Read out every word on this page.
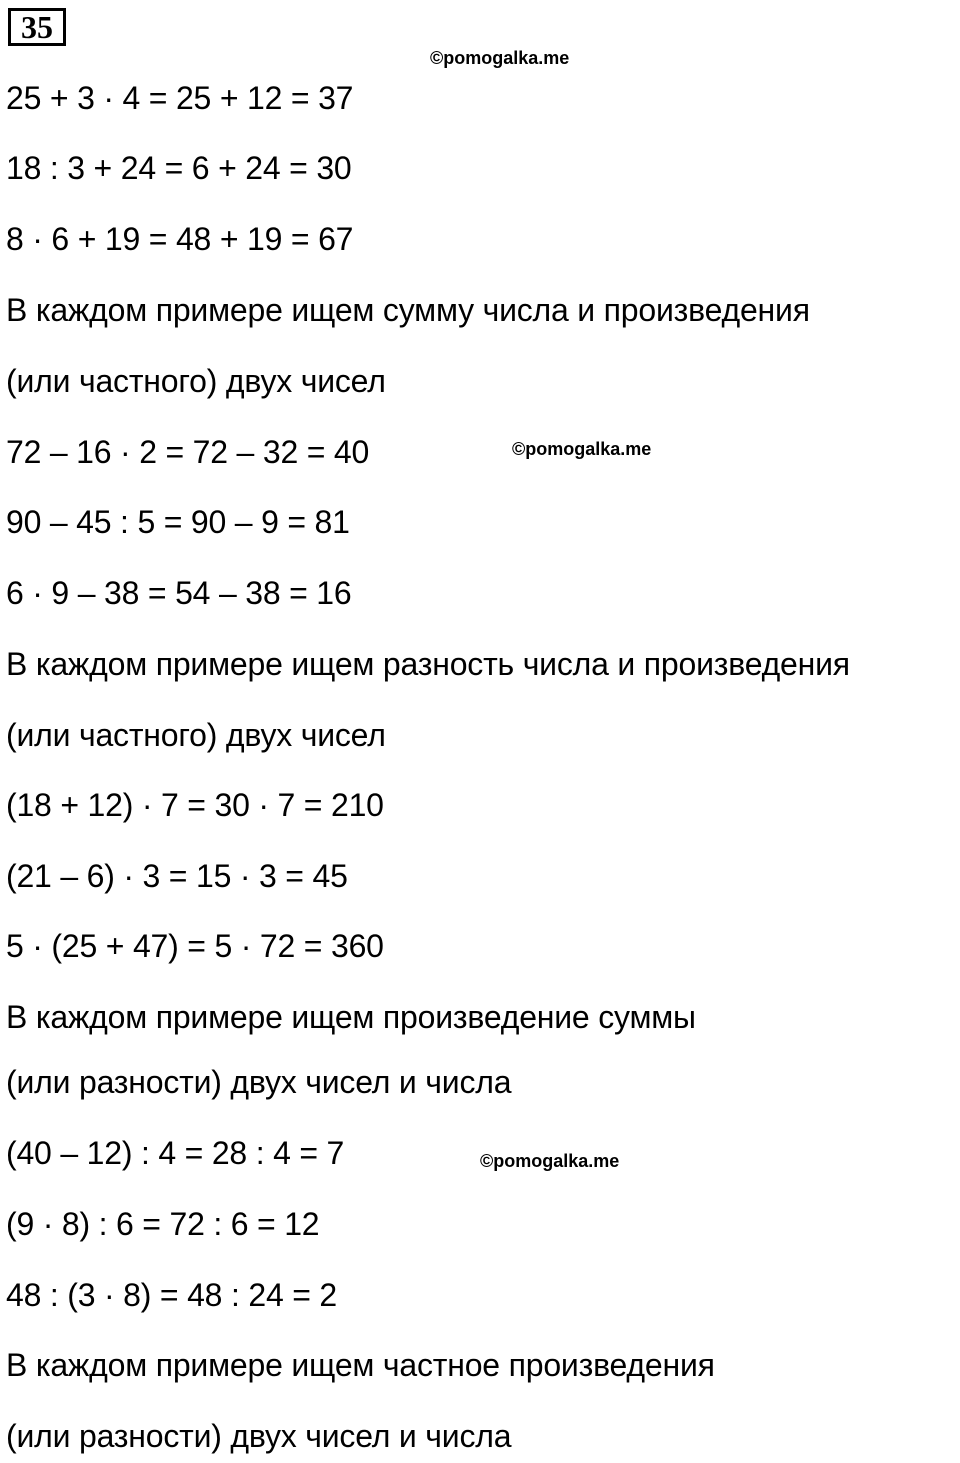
35
©pomogalka.me
©pomogalka.me
©pomogalka.me
25 + 3 · 4 = 25 + 12 = 37
18 : 3 + 24 = 6 + 24 = 30
8 · 6 + 19 = 48 + 19 = 67
В каждом примере ищем сумму числа и произведения
(или частного) двух чисел
72 – 16 · 2 = 72 – 32 = 40
90 – 45 : 5 = 90 – 9 = 81
6 · 9 – 38 = 54 – 38 = 16
В каждом примере ищем разность числа и произведения
(или частного) двух чисел
(18 + 12) · 7 = 30 · 7 = 210
(21 – 6) · 3 = 15 · 3 = 45
5 · (25 + 47) = 5 · 72 = 360
В каждом примере ищем произведение суммы
(или разности) двух чисел и числа
(40 – 12) : 4 = 28 : 4 = 7
(9 · 8) : 6 = 72 : 6 = 12
48 : (3 · 8) = 48 : 24 = 2
В каждом примере ищем частное произведения
(или разности) двух чисел и числа
